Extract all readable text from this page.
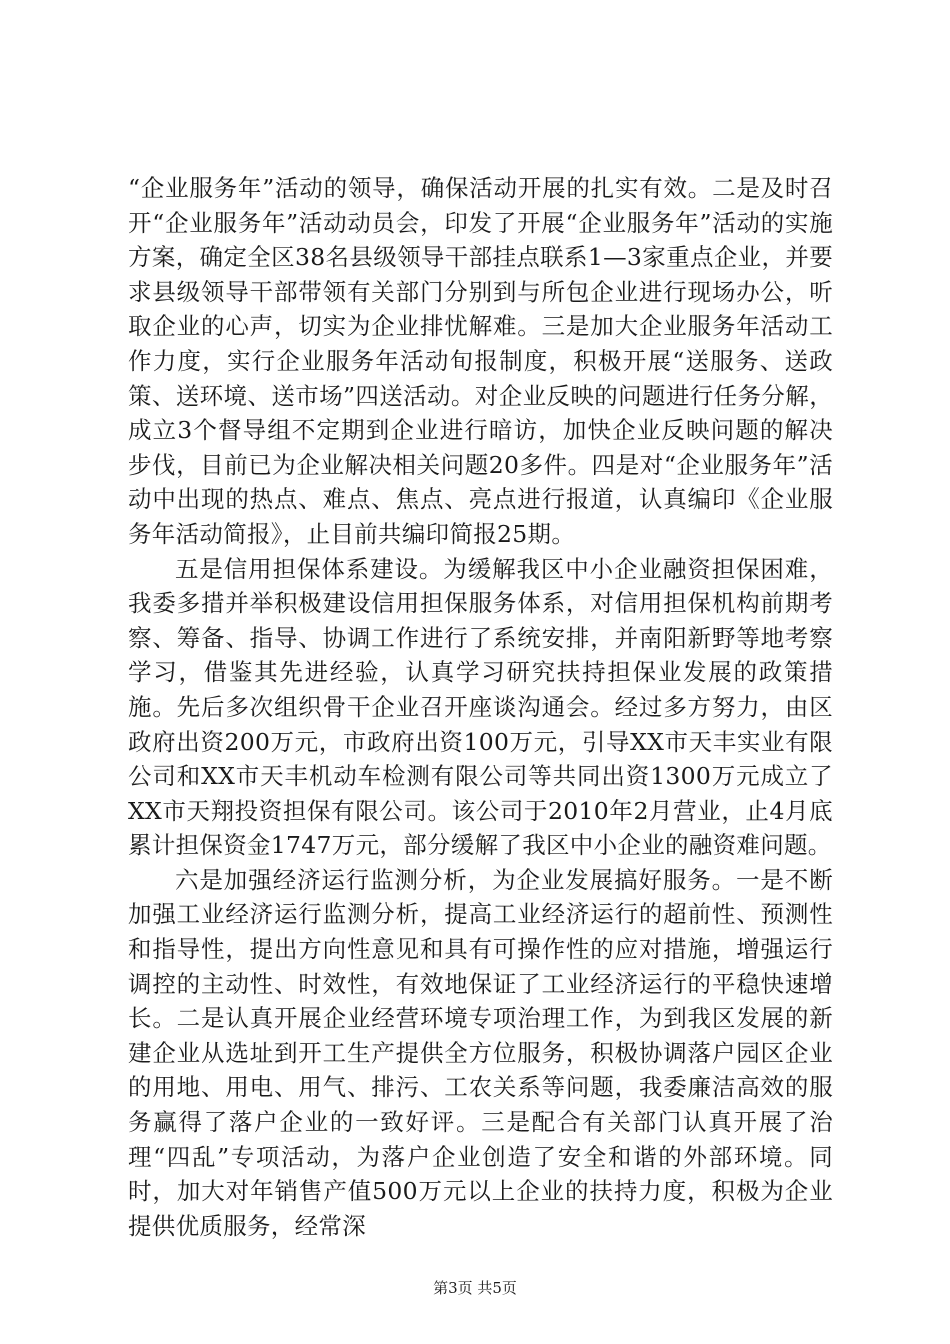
“企业服务年”活动的领导，确保活动开展的扎实有效。二是及时召开“企业服务年”活动动员会，印发了开展“企业服务年”活动的实施方案，确定全区38名县级领导干部挂点联系1—3家重点企业，并要求县级领导干部带领有关部门分别到与所包企业进行现场办公，听取企业的心声，切实为企业排忧解难。三是加大企业服务年活动工作力度，实行企业服务年活动旬报制度，积极开展“送服务、送政策、送环境、送市场”四送活动。对企业反映的问题进行任务分解，成立3个督导组不定期到企业进行暗访，加快企业反映问题的解决步伐，目前已为企业解决相关问题20多件。四是对“企业服务年”活动中出现的热点、难点、焦点、亮点进行报道，认真编印《企业服务年活动简报》，止目前共编印简报25期。

五是信用担保体系建设。为缓解我区中小企业融资担保困难，我委多措并举积极建设信用担保服务体系，对信用担保机构前期考察、筹备、指导、协调工作进行了系统安排，并南阳新野等地考察学习，借鉴其先进经验，认真学习研究扶持担保业发展的政策措施。先后多次组织骨干企业召开座谈沟通会。经过多方努力，由区政府出资200万元，市政府出资100万元，引导XX市天丰实业有限公司和XX市天丰机动车检测有限公司等共同出资1300万元成立了XX市天翔投资担保有限公司。该公司于2010年2月营业，止4月底累计担保资金1747万元，部分缓解了我区中小企业的融资难问题。

六是加强经济运行监测分析，为企业发展搞好服务。一是不断加强工业经济运行监测分析，提高工业经济运行的超前性、预测性和指导性，提出方向性意见和具有可操作性的应对措施，增强运行调控的主动性、时效性，有效地保证了工业经济运行的平稳快速增长。二是认真开展企业经营环境专项治理工作，为到我区发展的新建企业从选址到开工生产提供全方位服务，积极协调落户园区企业的用地、用电、用气、排污、工农关系等问题，我委廉洁高效的服务赢得了落户企业的一致好评。三是配合有关部门认真开展了治理“四乱”专项活动，为落户企业创造了安全和谐的外部环境。同时，加大对年销售产值500万元以上企业的扶持力度，积极为企业提供优质服务，经常深

第3页 共5页
